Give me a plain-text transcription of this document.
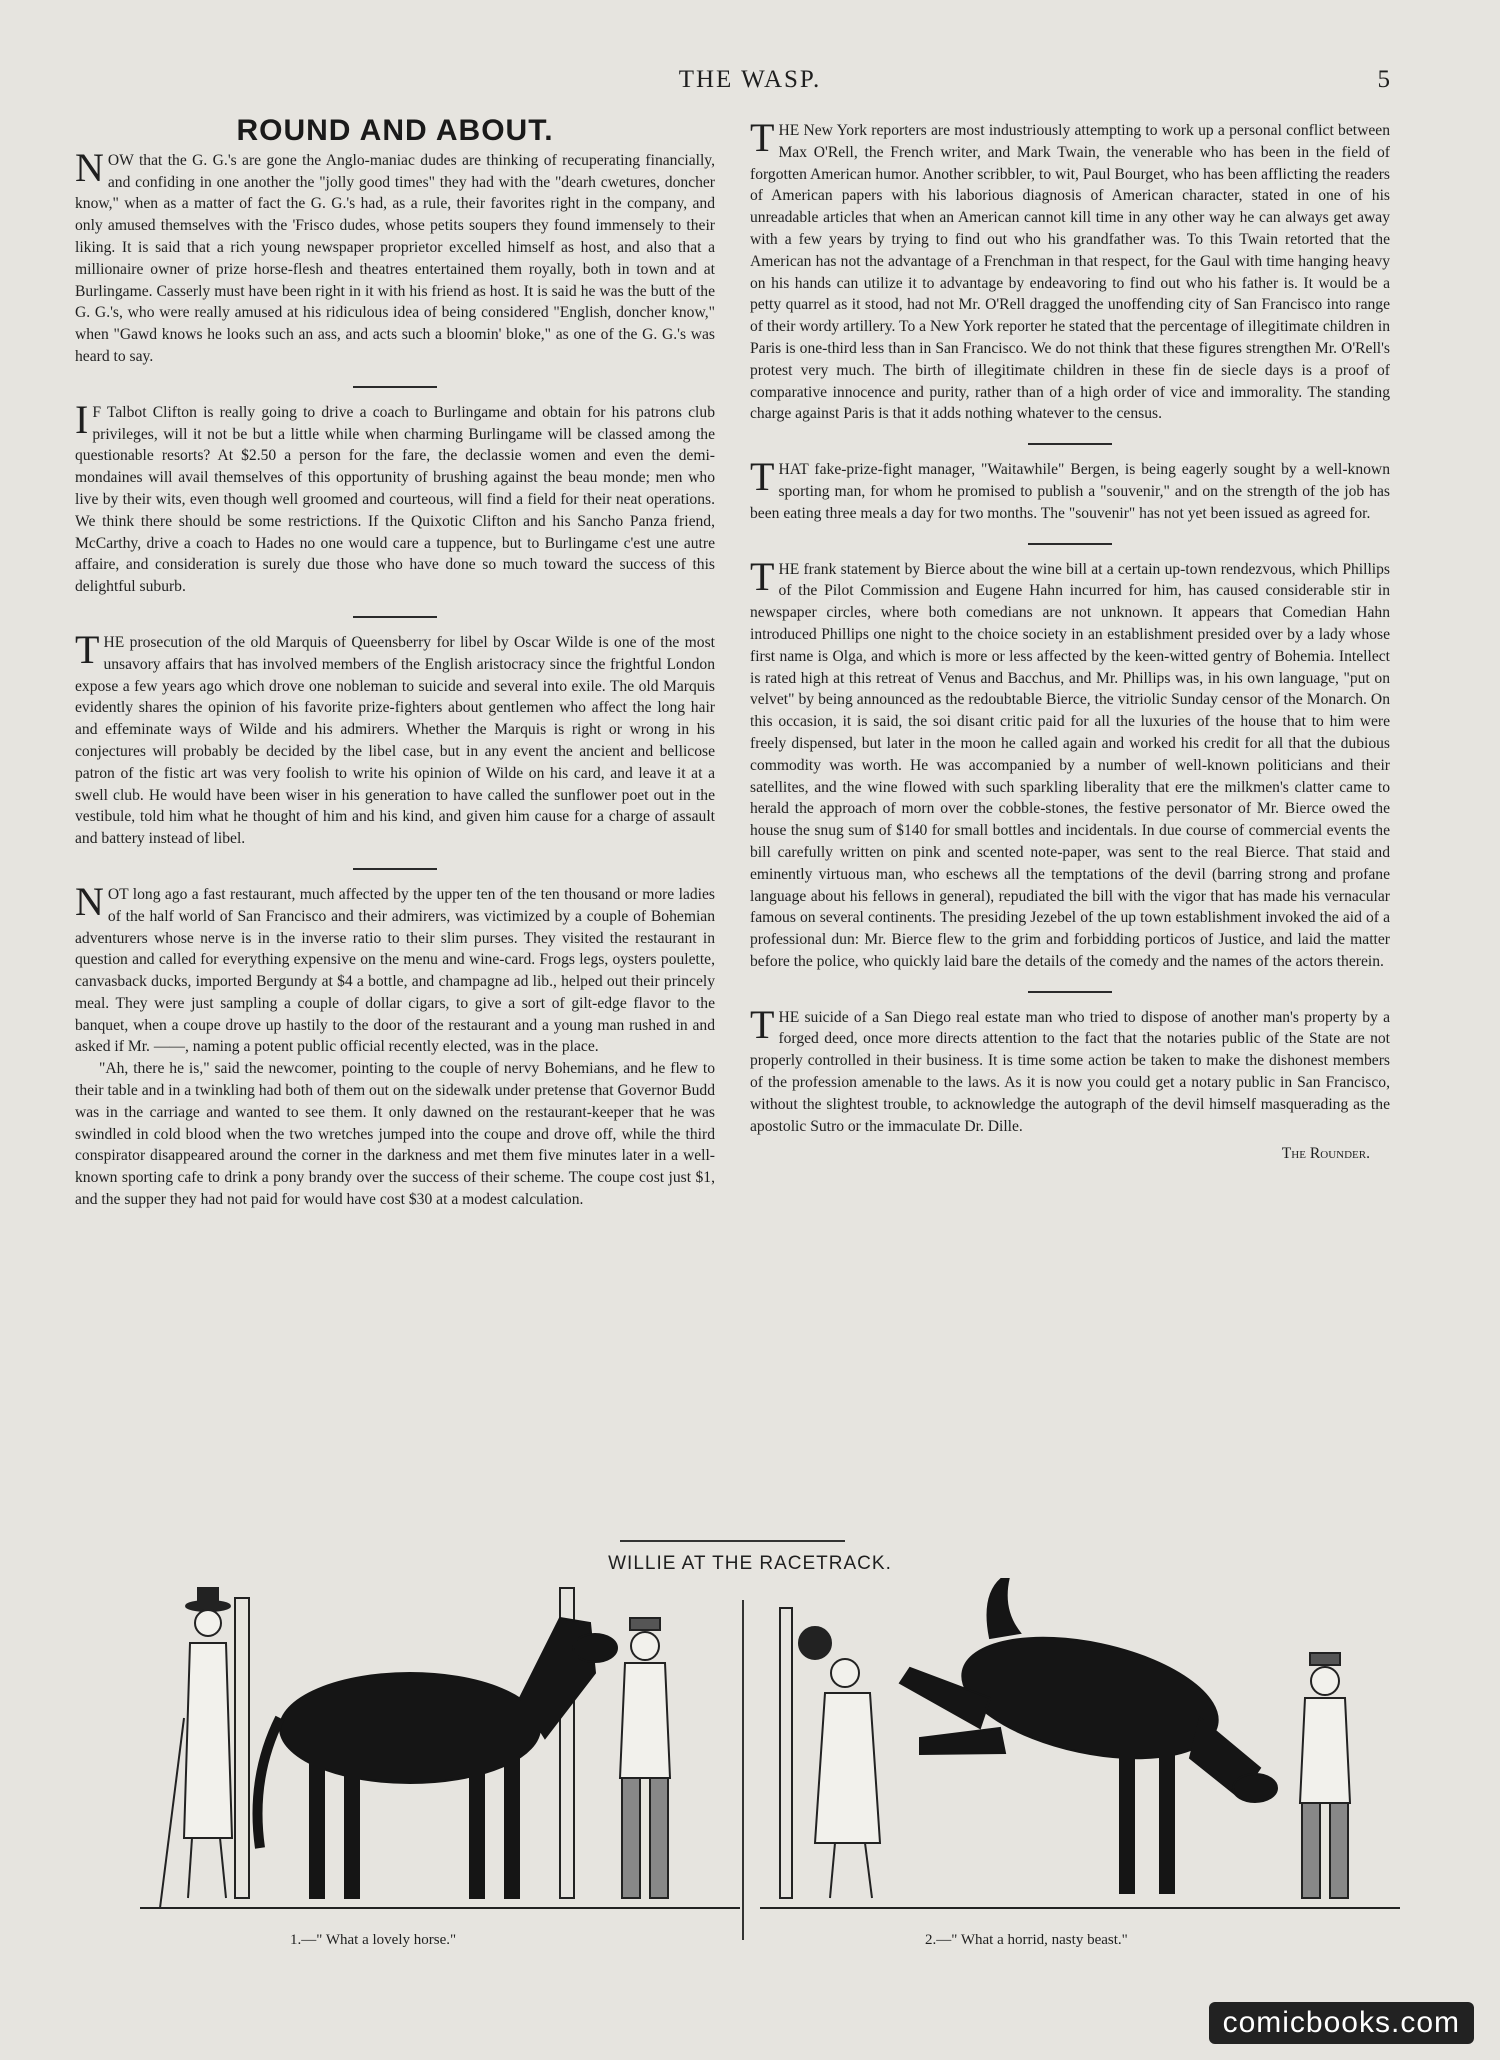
THE WASP.	5
ROUND AND ABOUT.
N OW that the G. G.'s are gone the Anglo-maniac dudes are thinking of recuperating financially, and confiding in one another the "jolly good times" they had with the "dearh cwetures, doncher know," when as a matter of fact the G. G.'s had, as a rule, their favorites right in the company, and only amused themselves with the 'Frisco dudes, whose petits soupers they found immensely to their liking. It is said that a rich young newspaper proprietor excelled himself as host, and also that a millionaire owner of prize horse-flesh and theatres entertained them royally, both in town and at Burlingame. Casserly must have been right in it with his friend as host. It is said he was the butt of the G. G.'s, who were really amused at his ridiculous idea of being considered "English, doncher know," when "Gawd knows he looks such an ass, and acts such a bloomin' bloke," as one of the G. G.'s was heard to say.

I F Talbot Clifton is really going to drive a coach to Burlingame and obtain for his patrons club privileges, will it not be but a little while when charming Burlingame will be classed among the questionable resorts? At $2.50 a person for the fare, the declassie women and even the demi-mondaines will avail themselves of this opportunity of brushing against the beau monde; men who live by their wits, even though well groomed and courteous, will find a field for their neat operations. We think there should be some restrictions. If the Quixotic Clifton and his Sancho Panza friend, McCarthy, drive a coach to Hades no one would care a tuppence, but to Burlingame c'est une autre affaire, and consideration is surely due those who have done so much toward the success of this delightful suburb.

T HE prosecution of the old Marquis of Queensberry for libel by Oscar Wilde is one of the most unsavory affairs that has involved members of the English aristocracy since the frightful London expose a few years ago which drove one nobleman to suicide and several into exile. The old Marquis evidently shares the opinion of his favorite prize-fighters about gentlemen who affect the long hair and effeminate ways of Wilde and his admirers. Whether the Marquis is right or wrong in his conjectures will probably be decided by the libel case, but in any event the ancient and bellicose patron of the fistic art was very foolish to write his opinion of Wilde on his card, and leave it at a swell club. He would have been wiser in his generation to have called the sunflower poet out in the vestibule, told him what he thought of him and his kind, and given him cause for a charge of assault and battery instead of libel.

N OT long ago a fast restaurant, much affected by the upper ten of the ten thousand or more ladies of the half world of San Francisco and their admirers, was victimized by a couple of Bohemian adventurers whose nerve is in the inverse ratio to their slim purses. They visited the restaurant in question and called for everything expensive on the menu and wine-card. Frogs legs, oysters poulette, canvasback ducks, imported Bergundy at $4 a bottle, and champagne ad lib., helped out their princely meal. They were just sampling a couple of dollar cigars, to give a sort of gilt-edge flavor to the banquet, when a coupe drove up hastily to the door of the restaurant and a young man rushed in and asked if Mr. ——, naming a potent public official recently elected, was in the place.

"Ah, there he is," said the newcomer, pointing to the couple of nervy Bohemians, and he flew to their table and in a twinkling had both of them out on the sidewalk under pretense that Governor Budd was in the carriage and wanted to see them. It only dawned on the restaurant-keeper that he was swindled in cold blood when the two wretches jumped into the coupe and drove off, while the third conspirator disappeared around the corner in the darkness and met them five minutes later in a well-known sporting cafe to drink a pony brandy over the success of their scheme. The coupe cost just $1, and the supper they had not paid for would have cost $30 at a modest calculation.

T HE New York reporters are most industriously attempting to work up a personal conflict between Max O'Rell, the French writer, and Mark Twain, the venerable who has been in the field of forgotten American humor. Another scribbler, to wit, Paul Bourget, who has been afflicting the readers of American papers with his laborious diagnosis of American character, stated in one of his unreadable articles that when an American cannot kill time in any other way he can always get away with a few years by trying to find out who his grandfather was. To this Twain retorted that the American has not the advantage of a Frenchman in that respect, for the Gaul with time hanging heavy on his hands can utilize it to advantage by endeavoring to find out who his father is. It would be a petty quarrel as it stood, had not Mr. O'Rell dragged the unoffending city of San Francisco into range of their wordy artillery. To a New York reporter he stated that the percentage of illegitimate children in Paris is one-third less than in San Francisco. We do not think that these figures strengthen Mr. O'Rell's protest very much. The birth of illegitimate children in these fin de siecle days is a proof of comparative innocence and purity, rather than of a high order of vice and immorality. The standing charge against Paris is that it adds nothing whatever to the census.

T HAT fake-prize-fight manager, "Waitawhile" Bergen, is being eagerly sought by a well-known sporting man, for whom he promised to publish a "souvenir," and on the strength of the job has been eating three meals a day for two months. The "souvenir" has not yet been issued as agreed for.

T HE frank statement by Bierce about the wine bill at a certain up-town rendezvous, which Phillips of the Pilot Commission and Eugene Hahn incurred for him, has caused considerable stir in newspaper circles, where both comedians are not unknown. It appears that Comedian Hahn introduced Phillips one night to the choice society in an establishment presided over by a lady whose first name is Olga, and which is more or less affected by the keen-witted gentry of Bohemia. Intellect is rated high at this retreat of Venus and Bacchus, and Mr. Phillips was, in his own language, "put on velvet" by being announced as the redoubtable Bierce, the vitriolic Sunday censor of the Monarch. On this occasion, it is said, the soi disant critic paid for all the luxuries of the house that to him were freely dispensed, but later in the moon he called again and worked his credit for all that the dubious commodity was worth. He was accompanied by a number of well-known politicians and their satellites, and the wine flowed with such sparkling liberality that ere the milkmen's clatter came to herald the approach of morn over the cobble-stones, the festive personator of Mr. Bierce owed the house the snug sum of $140 for small bottles and incidentals. In due course of commercial events the bill carefully written on pink and scented note-paper, was sent to the real Bierce. That staid and eminently virtuous man, who eschews all the temptations of the devil (barring strong and profane language about his fellows in general), repudiated the bill with the vigor that has made his vernacular famous on several continents. The presiding Jezebel of the up town establishment invoked the aid of a professional dun: Mr. Bierce flew to the grim and forbidding porticos of Justice, and laid the matter before the police, who quickly laid bare the details of the comedy and the names of the actors therein.

T HE suicide of a San Diego real estate man who tried to dispose of another man's property by a forged deed, once more directs attention to the fact that the notaries public of the State are not properly controlled in their business. It is time some action be taken to make the dishonest members of the profession amenable to the laws. As it is now you could get a notary public in San Francisco, without the slightest trouble, to acknowledge the autograph of the devil himself masquerading as the apostolic Sutro or the immaculate Dr. Dille.

The Rounder.
WILLIE AT THE RACETRACK.
1.—" What a lovely horse."	2.—" What a horrid, nasty beast."
comicbooks.com
